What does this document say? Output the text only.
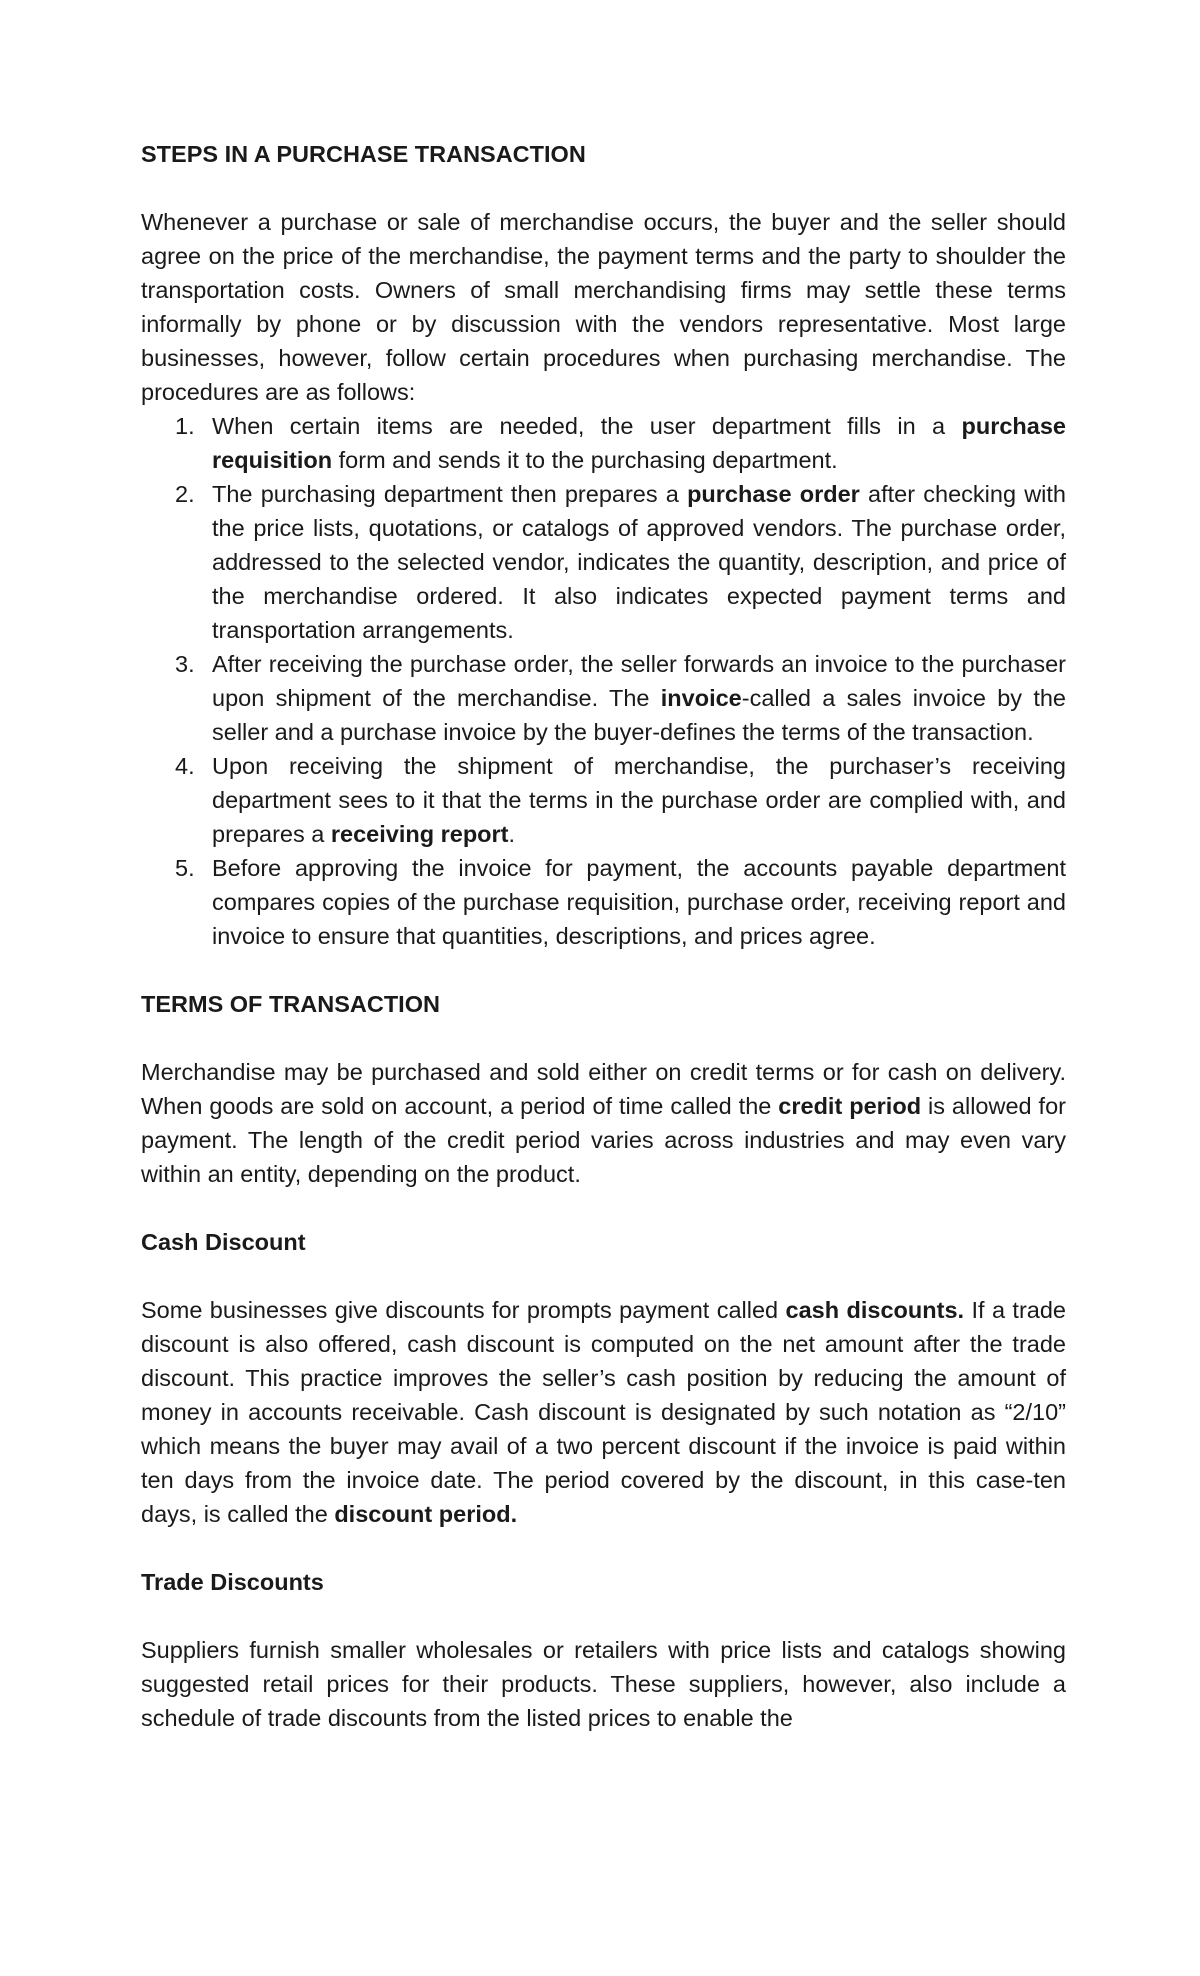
STEPS IN A PURCHASE TRANSACTION

Whenever a purchase or sale of merchandise occurs, the buyer and the seller should agree on the price of the merchandise, the payment terms and the party to shoulder the transportation costs. Owners of small merchandising firms may settle these terms informally by phone or by discussion with the vendors representative. Most large businesses, however, follow certain procedures when purchasing merchandise. The procedures are as follows:

1. When certain items are needed, the user department fills in a purchase requisition form and sends it to the purchasing department.
2. The purchasing department then prepares a purchase order after checking with the price lists, quotations, or catalogs of approved vendors. The purchase order, addressed to the selected vendor, indicates the quantity, description, and price of the merchandise ordered. It also indicates expected payment terms and transportation arrangements.
3. After receiving the purchase order, the seller forwards an invoice to the purchaser upon shipment of the merchandise. The invoice-called a sales invoice by the seller and a purchase invoice by the buyer-defines the terms of the transaction.
4. Upon receiving the shipment of merchandise, the purchaser’s receiving department sees to it that the terms in the purchase order are complied with, and prepares a receiving report.
5. Before approving the invoice for payment, the accounts payable department compares copies of the purchase requisition, purchase order, receiving report and invoice to ensure that quantities, descriptions, and prices agree.
TERMS OF TRANSACTION

Merchandise may be purchased and sold either on credit terms or for cash on delivery. When goods are sold on account, a period of time called the credit period is allowed for payment. The length of the credit period varies across industries and may even vary within an entity, depending on the product.

Cash Discount

Some businesses give discounts for prompts payment called cash discounts. If a trade discount is also offered, cash discount is computed on the net amount after the trade discount. This practice improves the seller’s cash position by reducing the amount of money in accounts receivable. Cash discount is designated by such notation as “2/10” which means the buyer may avail of a two percent discount if the invoice is paid within ten days from the invoice date. The period covered by the discount, in this case-ten days, is called the discount period.

Trade Discounts

Suppliers furnish smaller wholesales or retailers with price lists and catalogs showing suggested retail prices for their products. These suppliers, however, also include a schedule of trade discounts from the listed prices to enable the
